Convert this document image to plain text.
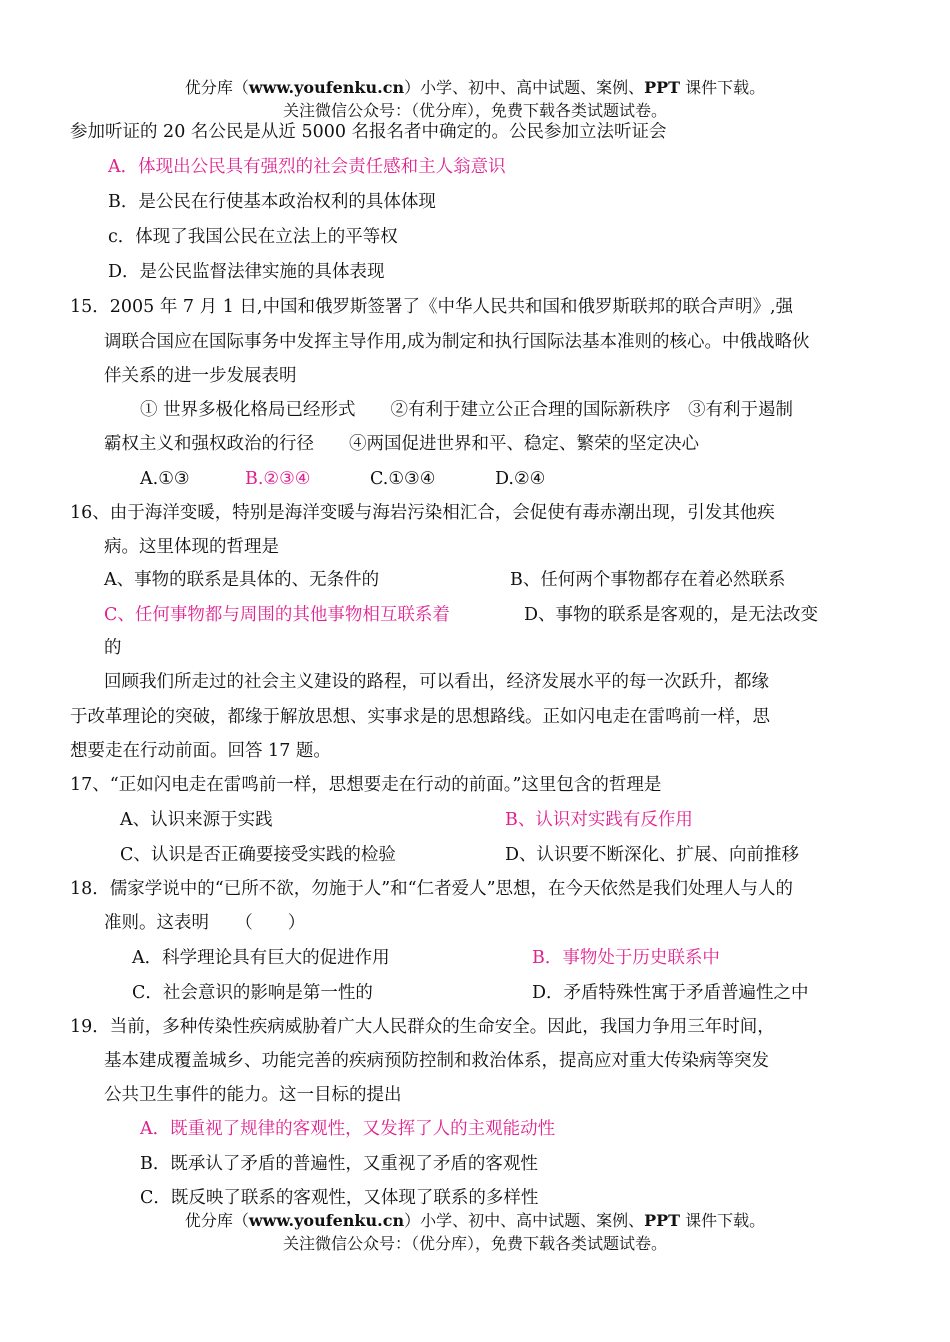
优分库（www.youfenku.cn）小学、初中、高中试题、案例、PPT 课件下载。
关注微信公众号：（优分库），免费下载各类试题试卷。
参加听证的 20 名公民是从近 5000 名报名者中确定的。公民参加立法听证会
A．体现出公民具有强烈的社会责任感和主人翁意识
B．是公民在行使基本政治权利的具体体现
c．体现了我国公民在立法上的平等权
D．是公民监督法律实施的具体表现
15．2005 年 7 月 1 日,中国和俄罗斯签署了《中华人民共和国和俄罗斯联邦的联合声明》,强
调联合国应在国际事务中发挥主导作用,成为制定和执行国际法基本准则的核心。中俄战略伙
伴关系的进一步发展表明
① 世界多极化格局已经形式　　②有利于建立公正合理的国际新秩序　③有利于遏制
霸权主义和强权政治的行径　　④两国促进世界和平、稳定、繁荣的坚定决心
A.①③	B.②③④	C.①③④	D.②④
16、由于海洋变暖，特别是海洋变暖与海岩污染相汇合，会促使有毒赤潮出现，引发其他疾
病。这里体现的哲理是
A、事物的联系是具体的、无条件的	B、任何两个事物都存在着必然联系
C、任何事物都与周围的其他事物相互联系着	D、事物的联系是客观的，是无法改变
的
回顾我们所走过的社会主义建设的路程，可以看出，经济发展水平的每一次跃升，都缘
于改革理论的突破，都缘于解放思想、实事求是的思想路线。正如闪电走在雷鸣前一样，思
想要走在行动前面。回答 17 题。
17、“正如闪电走在雷鸣前一样，思想要走在行动的前面。”这里包含的哲理是
A、认识来源于实践	B、认识对实践有反作用
C、认识是否正确要接受实践的检验	D、认识要不断深化、扩展、向前推移
18．儒家学说中的“已所不欲，勿施于人”和“仁者爱人”思想，在今天依然是我们处理人与人的
准则。这表明　　（　　）
A．科学理论具有巨大的促进作用	B．事物处于历史联系中
C．社会意识的影响是第一性的	D．矛盾特殊性寓于矛盾普遍性之中
19．当前，多种传染性疾病威胁着广大人民群众的生命安全。因此，我国力争用三年时间，
基本建成覆盖城乡、功能完善的疾病预防控制和救治体系，提高应对重大传染病等突发
公共卫生事件的能力。这一目标的提出
A．既重视了规律的客观性，又发挥了人的主观能动性
B．既承认了矛盾的普遍性，又重视了矛盾的客观性
C．既反映了联系的客观性，又体现了联系的多样性
优分库（www.youfenku.cn）小学、初中、高中试题、案例、PPT 课件下载。
关注微信公众号：（优分库），免费下载各类试题试卷。
